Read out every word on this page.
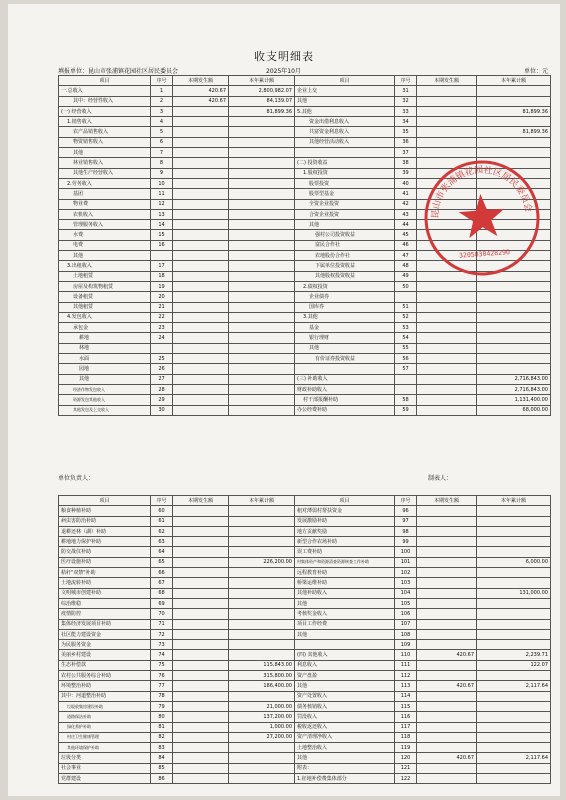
收支明细表
填报单位：昆山市张浦镇花园社区居民委员会	2025年10月	单位：元
项目	序号	本期发生额	本年累计额	项目	序号	本期发生额	本年累计额
一.总收入	1	420.67	2,800,982.07	企业上交	31		
其中：经营性收入	2	420.67	84,139.07	其他	32		
(一) 经营收入	3		81,899.36	5.其他	33		81,899.36
1.销售收入	4			资金出借利息收入	34		
农产品销售收入	5			共富资金利息收入	35		81,899.36
物资销售收入	6			其他经营活动收入	36		
其他	7				37		
林业销售收入	8			(二) 投资收益	38		
其他生产经营收入	9			1.股权投资	39		
2.劳务收入	10			股票投资	40		
基团	11			股票型基金	41		
物业费	12			全资企业投资	42		
农机收入	13			合资企业投资	43		
管理服务收入	14			其他	44		
水费	15			强村公司投资收益	45		
电费	16			富民合作社	46		
其他				农地股份合作社	47		
3.出租收入	17			下属单位投资收益	48		
土地租赁	18			其他股权投资收益	49		
房屋及构筑物租赁	19			2.债权投资	50		
设备租赁	20			企业债券			
其他租赁	21			国库券	51		
4.发包收入	22			3.其他	52		
承包金	23			基金	53		
耕地	24			银行理财	54		
林地				其他	55		
水面	25			有价证券投资收益	56		
园地	26				57		
其他	27			(三) 补助收入			2,716,843.00
经济作物发包收入	28			财政补助收入			2,716,843.00
资源发包其他收入	29			村干部报酬补助	58		1,131,400.00
其他发包及上交收入	30			办公经费补助	59		68,000.00
单位负责人：	制表人：
项目	序号	本期发生额	本年累计额	项目	序号	本期发生额	本年累计额
粮食种植补助	60			租对薄弱村帮扶资金	96		
病虫害防治补助	61			发展激励补助	97		
退耕还林（湖）补助	62			地方贡献奖励	98		
耕地地力保护补助	63			新型合作农场补助	99		
防交战仪补助	64			误工费补助	100		
医疗设施补助	65		226,200.00	村集体资产和资源清查资源核查工作补助	101		6,000.00
秸秆"双禁"补助	66			远程教育补助	102		
土地流转补助	67			桥梁运维补助	103		
文明城市创建补助	68			其他补助收入	104		131,000.00
综治维稳	69			其他	105		
疫情防控	70			考核奖金收入	106		
集体经济发展项目补助	71			项目工作经费	107		
社区能力建设资金	72			其他	108		
为民服务资金	73				109		
美丽乡村建设	74			(四) 其他收入	110	420.67	2,239.71
生态补偿款	75		115,843.00	利息收入	111		122.07
农村公共服务综合补助	76		315,800.00	资产盘盈	112		
环境整治补助	77		186,400.00	其他	113	420.67	2,117.64
其中：河道整治补助	78			资产处置收入	114		
垃圾收集房建设补助	79		21,000.00	债务核销收入	115		
道路保洁补助	80		137,200.00	罚没收入	116		
绿化养护补助	81		1,000.00	税收返还收入	117		
村庄卫生健康管理	82		27,200.00	资产清理净收入	118		
其他环境保护补助	83			土地整治收入	119		
垃圾分类	84			其他	120	420.67	2,117.64
社会事业	85			附表：	121		
党群建设	86			1.征地补偿费集体部分	122		
昆山市张浦镇花园社区居民委员会
3205830428290
